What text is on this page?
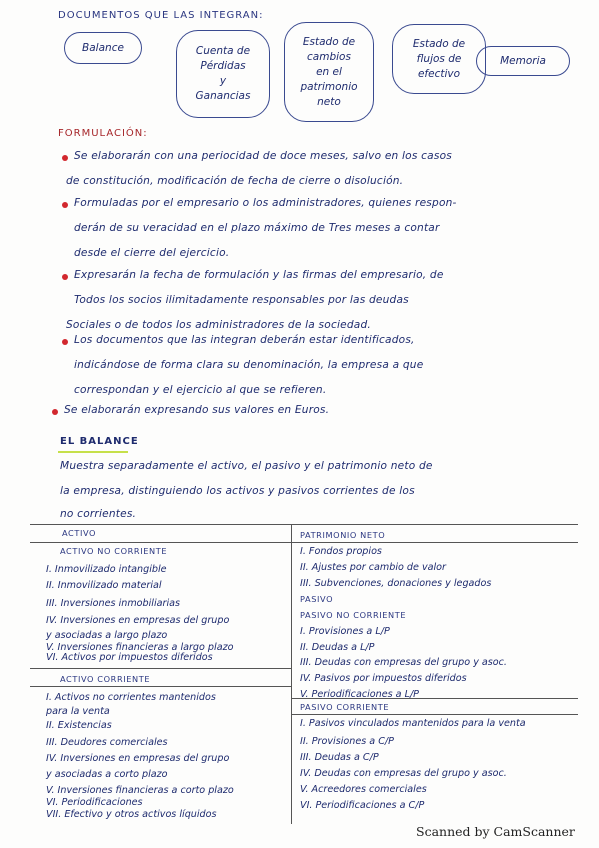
DOCUMENTOS QUE LAS INTEGRAN:
Balance	Cuenta de
Pérdidas
y
Ganancias
Estado de
cambios
en el
patrimonio
neto
Estado de
flujos de
efectivo
Memoria
FORMULACIÓN:
Se elaborarán con una periocidad de doce meses, salvo en los casos
de constitución, modificación de fecha de cierre o disolución.
Formuladas por el empresario o los administradores, quienes respon-
derán de su veracidad en el plazo máximo de Tres meses a contar
desde el cierre del ejercicio.
Expresarán la fecha de formulación y las firmas del empresario, de
Todos los socios ilimitadamente responsables por las deudas
Sociales o de todos los administradores de la sociedad.
Los documentos que las integran deberán estar identificados,
indicándose de forma clara su denominación, la empresa a que
correspondan y el ejercicio al que se refieren.
Se elaborarán expresando sus valores en Euros.
EL BALANCE
Muestra separadamente el activo, el pasivo y el patrimonio neto de
la empresa, distinguiendo los activos y pasivos corrientes de los
no corrientes.
ACTIVO	PATRIMONIO NETO
ACTIVO NO CORRIENTE
I. Inmovilizado intangible
II. Inmovilizado material
III. Inversiones inmobiliarias
IV. Inversiones en empresas del grupo
y asociadas a largo plazo
V. Inversiones financieras a largo plazo
VI. Activos por impuestos diferidos
ACTIVO CORRIENTE
I. Activos no corrientes mantenidos
para la venta
II. Existencias
III. Deudores comerciales
IV. Inversiones en empresas del grupo
y asociadas a corto plazo
V. Inversiones financieras a corto plazo
VI. Periodificaciones
VII. Efectivo y otros activos líquidos
I. Fondos propios
II. Ajustes por cambio de valor
III. Subvenciones, donaciones y legados
PASIVO
PASIVO NO CORRIENTE
I. Provisiones a L/P
II. Deudas a L/P
III. Deudas con empresas del grupo y asoc.
IV. Pasivos por impuestos diferidos
V. Periodificaciones a L/P
PASIVO CORRIENTE
I. Pasivos vinculados mantenidos para la venta
II. Provisiones a C/P
III. Deudas a C/P
IV. Deudas con empresas del grupo y asoc.
V. Acreedores comerciales
VI. Periodificaciones a C/P
Scanned by CamScanner
